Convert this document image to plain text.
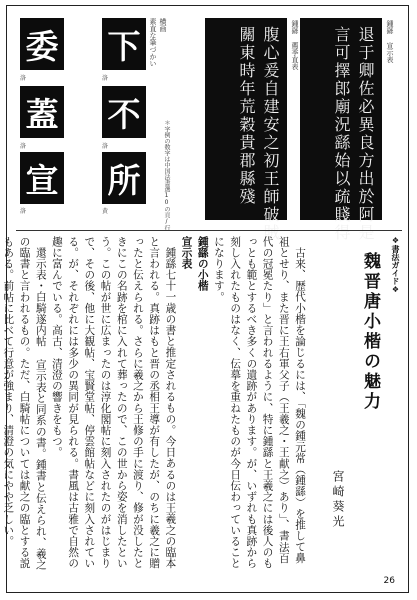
下
洛
委
洛
不
洛
蓋
洛
所
黄
宣
洛
素直な筆づかい 横画
＊字例の数字は中国法書選10の頁/行
鍾繇 宣示表
退于卿佐必異良方出於阿是
言可擇郎廟況繇始以疏賤得
鍾繇 薦季直表
腹心爰自建安之初王師破賊
關東時年荒穀貴郡縣殘
❖書法ガイド❖
魏晋唐小楷の魅力
宮崎葵光

古来、歴代小楷を論じるには、「魏の鍾元常（鍾繇）を推して鼻祖とせり、また晋に王右軍父子（王羲之・王献之）あり」、書法百代の冠冕たり」と言われるように、特に鍾繇と王羲之には後人のもっとも範とするべき多くの遺跡があります。が、いずれも真跡から刻し入れたものはなく、伝摹を重ねたものが今日伝わっていることになります。

鍾繇の小楷

宣示表

鍾繇七十一歳の書と推定されるもの。今日あるのは王羲之の臨本と言われる。真跡はもと晋の丞相王導が有したが、のちに羲之に贈ったと伝えられる。さらに羲之から王修の手に渡り、修が没したときにこの名跡を棺に入れて葬ったので、この世から姿を消したという。この帖が世に広まったのは淳化閣帖に刻入されたのがはじまりで、その後、他に大観帖、宝賢堂帖、停雲館帖などに刻入されている。が、それぞれには多少の異同が見られる。書風は古雅で自然の趣に富んでいる。高古、清澄の響きをもつ。

還示表・白騎遂内帖 宣示表と同系の書。鍾書と伝えられ、羲之の臨書と言われるもの。ただ、白騎帖については献之の臨とする説もある。前帖に比べて行意が強まり、清澄の気にやや乏しい。

26
